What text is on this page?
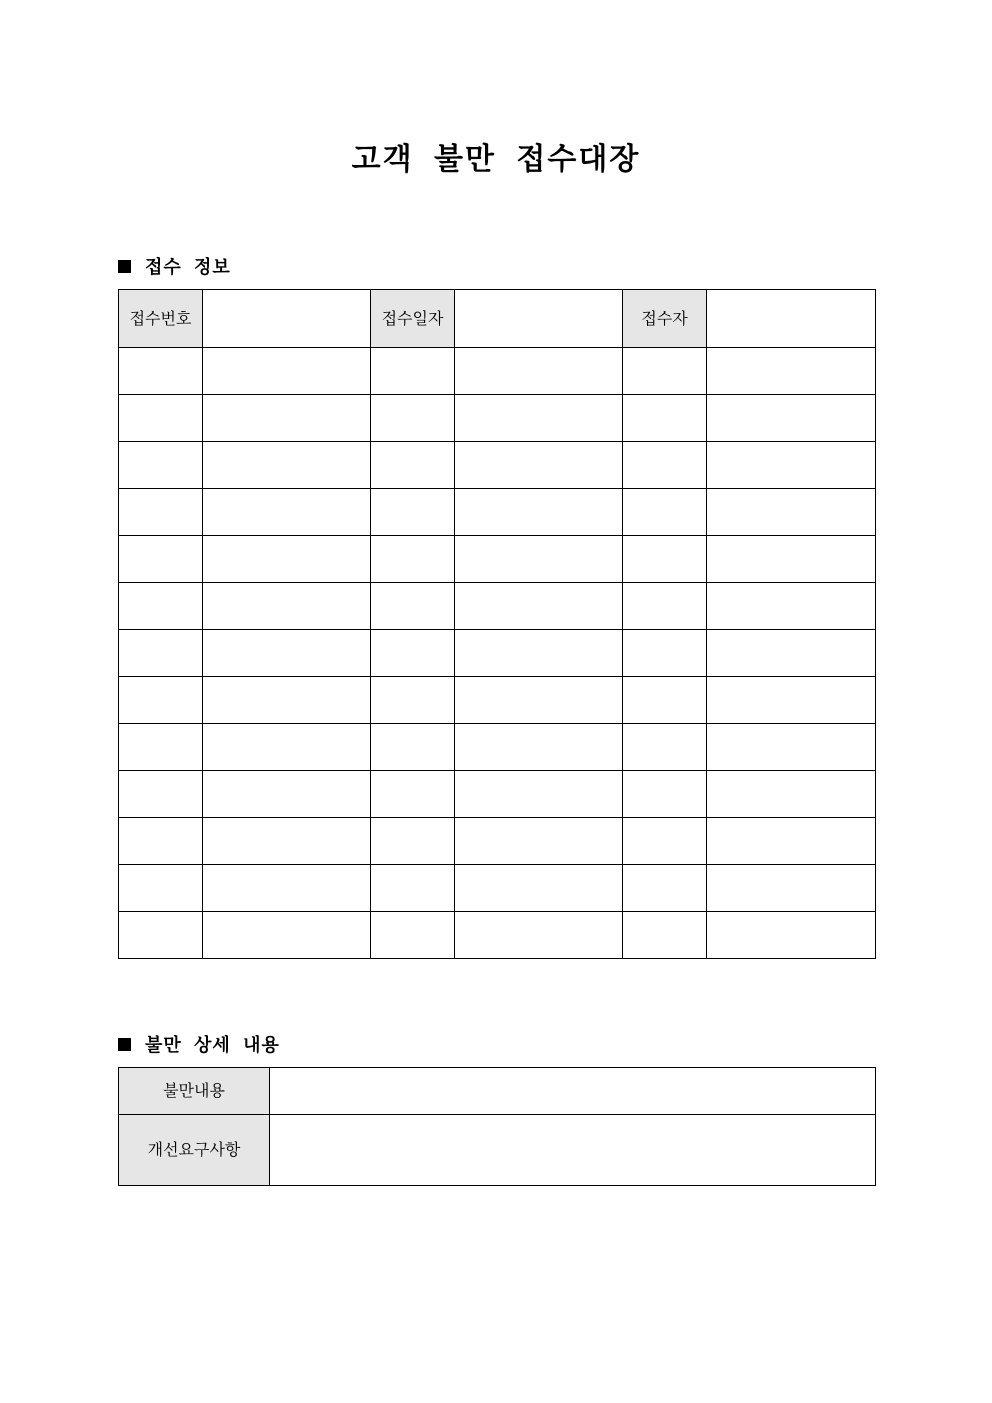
고객 불만 접수대장
접수 정보
접수번호		접수일자		접수자	

불만 상세 내용
불만내용	
개선요구사항	
